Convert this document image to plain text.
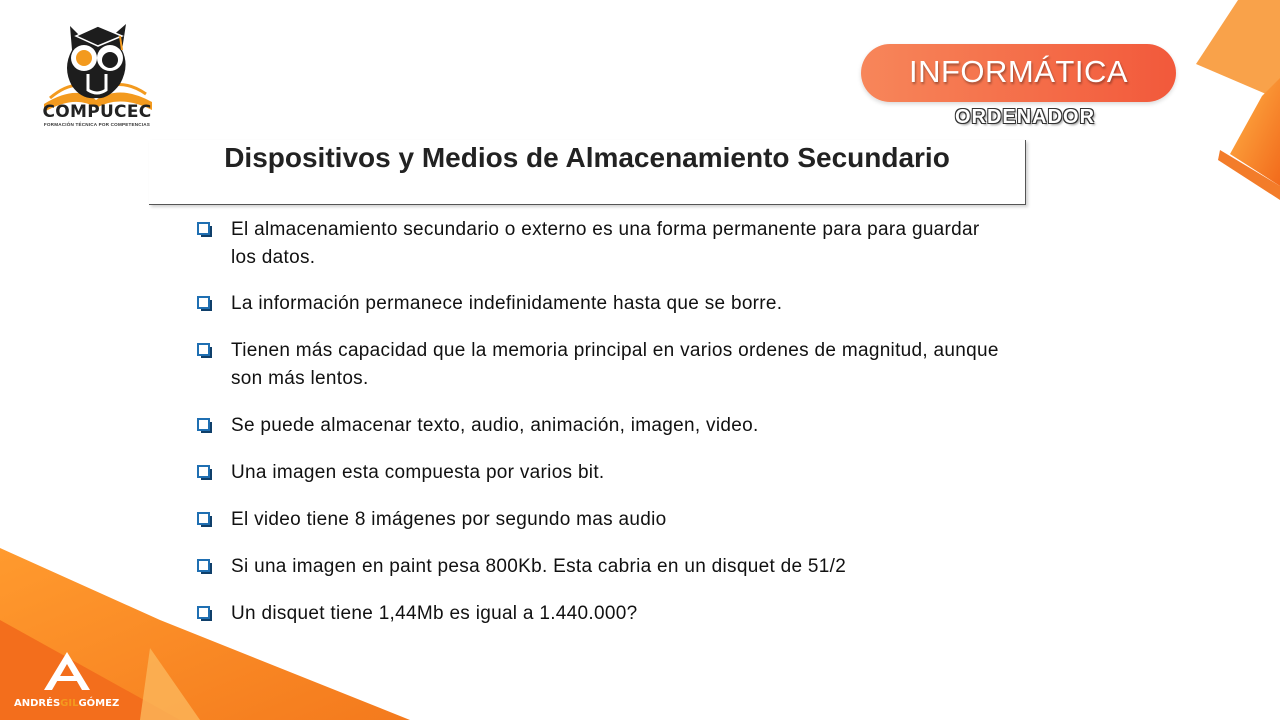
COMPUCEC
FORMACIÓN TÉCNICA POR COMPETENCIAS
INFORMÁTICA
ORDENADOR
Dispositivos y Medios de Almacenamiento Secundario
El almacenamiento secundario o externo es una forma permanente para para guardar los datos.
La información permanece indefinidamente hasta que se borre.
Tienen más capacidad que la memoria principal en varios ordenes de magnitud, aunque son más lentos.
Se puede almacenar texto, audio, animación, imagen, video.
Una imagen esta compuesta por varios bit.
El video tiene 8 imágenes por segundo mas audio
Si una imagen en paint pesa 800Kb. Esta cabria en un disquet de 51/2
Un disquet tiene 1,44Mb es igual a 1.440.000?
ANDRÉSGILGÓMEZ
